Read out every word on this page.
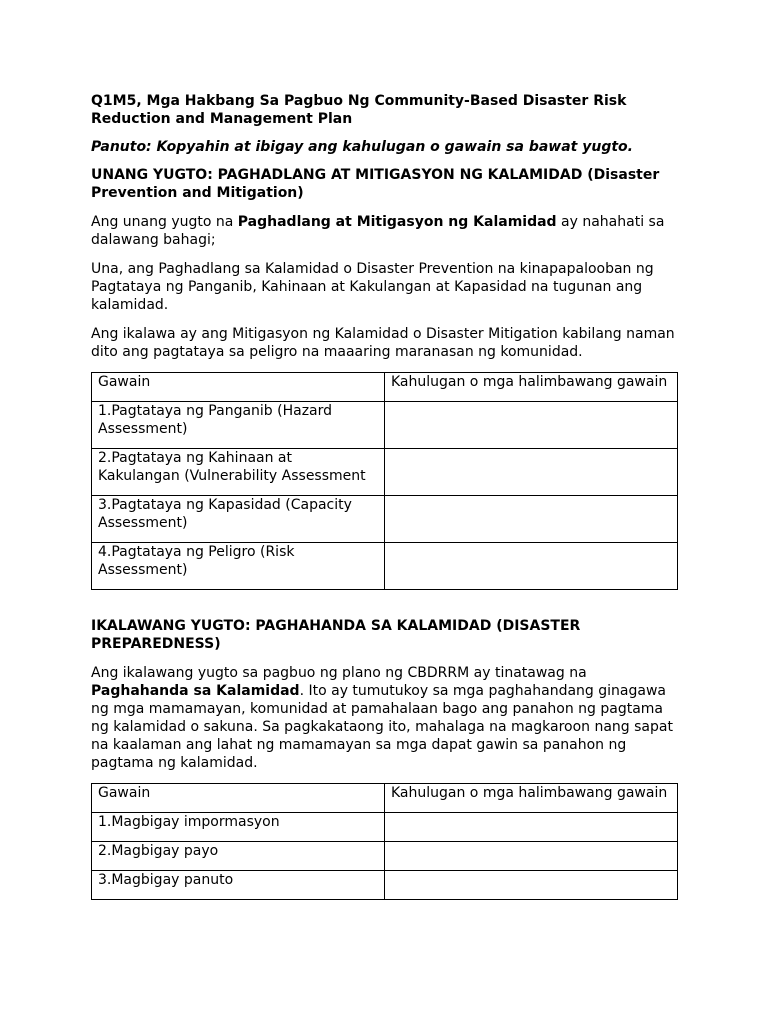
Q1M5, Mga Hakbang Sa Pagbuo Ng Community-Based Disaster Risk Reduction and Management Plan

Panuto: Kopyahin at ibigay ang kahulugan o gawain sa bawat yugto.

UNANG YUGTO: PAGHADLANG AT MITIGASYON NG KALAMIDAD (Disaster Prevention and Mitigation)

Ang unang yugto na Paghadlang at Mitigasyon ng Kalamidad ay nahahati sa dalawang bahagi;

Una, ang Paghadlang sa Kalamidad o Disaster Prevention na kinapapalooban ng Pagtataya ng Panganib, Kahinaan at Kakulangan at Kapasidad na tugunan ang kalamidad.

Ang ikalawa ay ang Mitigasyon ng Kalamidad o Disaster Mitigation kabilang naman dito ang pagtataya sa peligro na maaaring maranasan ng komunidad.

Gawain	Kahulugan o mga halimbawang gawain
1.Pagtataya ng Panganib (Hazard Assessment)	
2.Pagtataya ng Kahinaan at Kakulangan (Vulnerability Assessment	
3.Pagtataya ng Kapasidad (Capacity Assessment)	
4.Pagtataya ng Peligro (Risk Assessment)	

IKALAWANG YUGTO: PAGHAHANDA SA KALAMIDAD (DISASTER PREPAREDNESS)

Ang ikalawang yugto sa pagbuo ng plano ng CBDRRM ay tinatawag na Paghahanda sa Kalamidad. Ito ay tumutukoy sa mga paghahandang ginagawa ng mga mamamayan, komunidad at pamahalaan bago ang panahon ng pagtama ng kalamidad o sakuna. Sa pagkakataong ito, mahalaga na magkaroon nang sapat na kaalaman ang lahat ng mamamayan sa mga dapat gawin sa panahon ng pagtama ng kalamidad.

Gawain	Kahulugan o mga halimbawang gawain
1.Magbigay impormasyon	
2.Magbigay payo	
3.Magbigay panuto	
